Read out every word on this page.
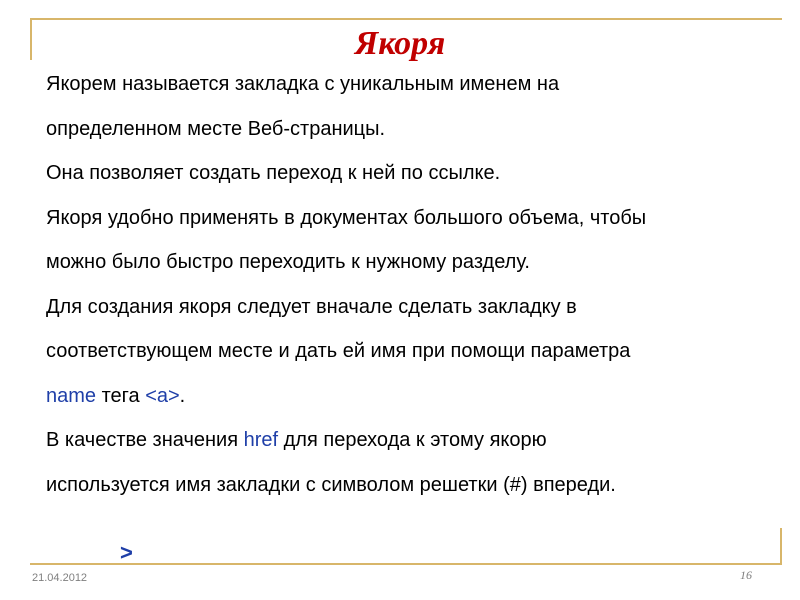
Якоря

Якорем называется закладка с уникальным именем на

определенном месте Веб-страницы.

Она позволяет создать переход к ней по ссылке.

Якоря удобно применять в документах большого объема, чтобы

можно было быстро переходить к нужному разделу.

Для создания якоря следует вначале сделать закладку в

соответствующем месте и дать ей имя при помощи параметра

name тега <a>.

В качестве значения href для перехода к этому якорю

используется имя закладки с символом решетки (#) впереди.

>
21.04.2012	16
